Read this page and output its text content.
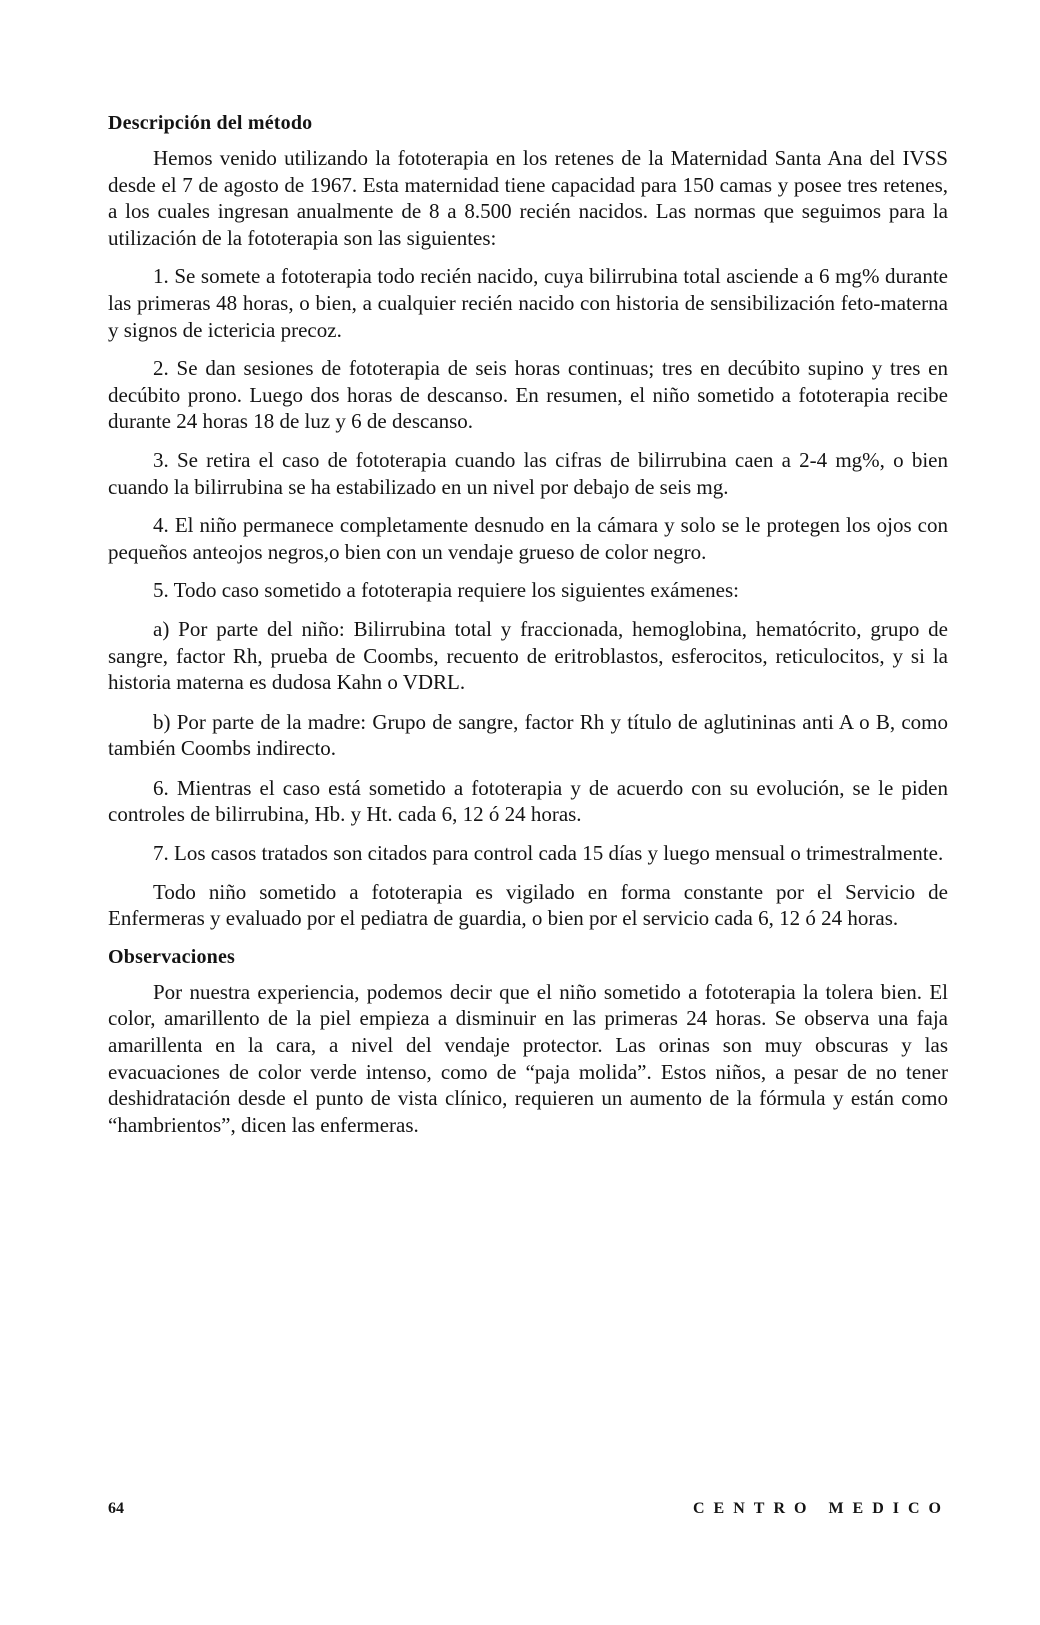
Descripción del método

Hemos venido utilizando la fototerapia en los retenes de la Maternidad Santa Ana del IVSS desde el 7 de agosto de 1967. Esta maternidad tiene capacidad para 150 camas y posee tres retenes, a los cuales ingresan anualmente de 8 a 8.500 recién nacidos. Las normas que seguimos para la utilización de la fototerapia son las siguientes:

1. Se somete a fototerapia todo recién nacido, cuya bilirrubina total asciende a 6 mg% durante las primeras 48 horas, o bien, a cualquier recién nacido con historia de sensibilización feto-materna y signos de ictericia precoz.

2. Se dan sesiones de fototerapia de seis horas continuas; tres en decúbito supino y tres en decúbito prono. Luego dos horas de descanso. En resumen, el niño sometido a fototerapia recibe durante 24 horas 18 de luz y 6 de descanso.

3. Se retira el caso de fototerapia cuando las cifras de bilirrubina caen a 2-4 mg%, o bien cuando la bilirrubina se ha estabilizado en un nivel por debajo de seis mg.

4. El niño permanece completamente desnudo en la cámara y solo se le protegen los ojos con pequeños anteojos negros,o bien con un vendaje grueso de color negro.

5. Todo caso sometido a fototerapia requiere los siguientes exámenes:

a) Por parte del niño: Bilirrubina total y fraccionada, hemoglobina, hematócrito, grupo de sangre, factor Rh, prueba de Coombs, recuento de eritroblastos, esferocitos, reticulocitos, y si la historia materna es dudosa Kahn o VDRL.

b) Por parte de la madre: Grupo de sangre, factor Rh y título de aglutininas anti A o B, como también Coombs indirecto.

6. Mientras el caso está sometido a fototerapia y de acuerdo con su evolución, se le piden controles de bilirrubina, Hb. y Ht. cada 6, 12 ó 24 horas.

7. Los casos tratados son citados para control cada 15 días y luego mensual o trimestralmente.

Todo niño sometido a fototerapia es vigilado en forma constante por el Servicio de Enfermeras y evaluado por el pediatra de guardia, o bien por el servicio cada 6, 12 ó 24 horas.

Observaciones

Por nuestra experiencia, podemos decir que el niño sometido a fototerapia la tolera bien. El color, amarillento de la piel empieza a disminuir en las primeras 24 horas. Se observa una faja amarillenta en la cara, a nivel del vendaje protector. Las orinas son muy obscuras y las evacuaciones de color verde intenso, como de “paja molida”. Estos niños, a pesar de no tener deshidratación desde el punto de vista clínico, requieren un aumento de la fórmula y están como “hambrientos”, dicen las enfermeras.

64	CENTRO MEDICO
